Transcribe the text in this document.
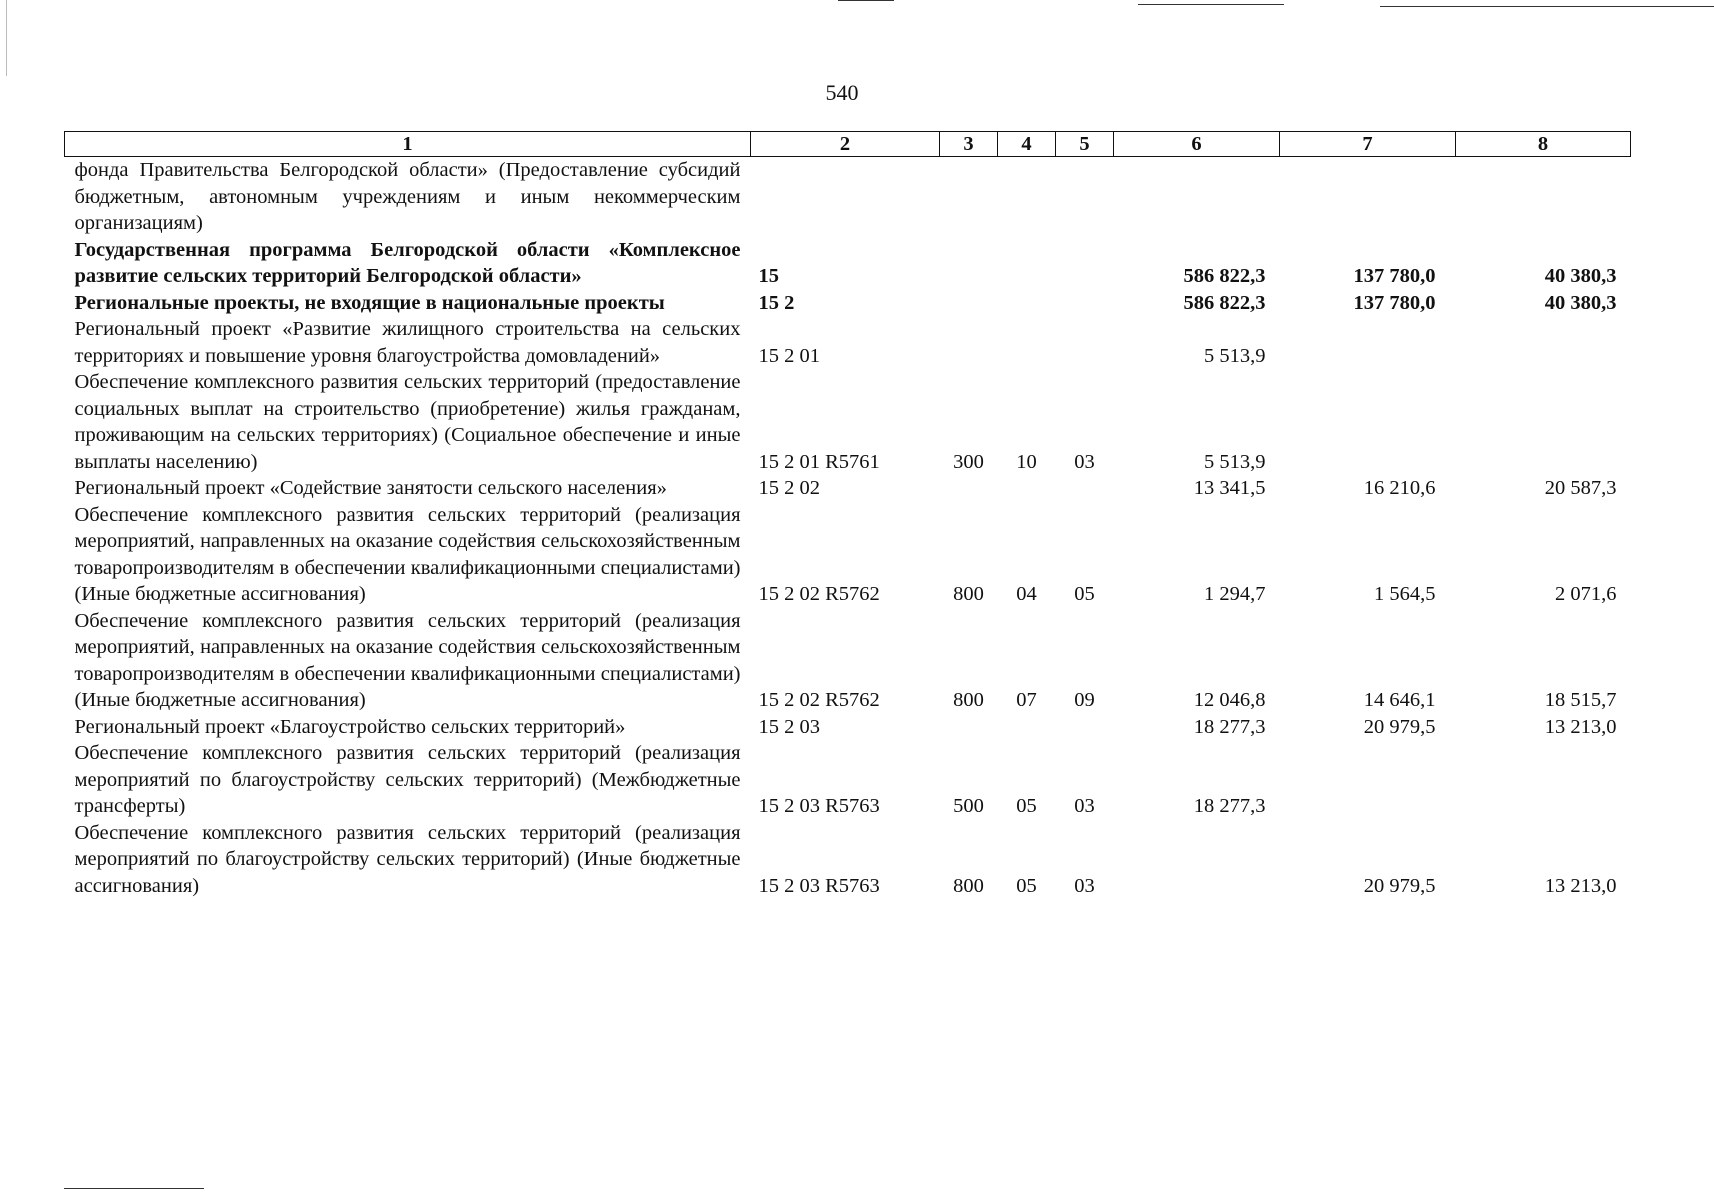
540
1	2	3	4	5	6	7	8
фонда Правительства Белгородской области» (Предоставление субсидий бюджетным, автономным учреждениям и иным некоммерческим организациям)							
Государственная программа Белгородской области «Комплексное развитие сельских территорий Белгородской области»	15				586 822,3	137 780,0	40 380,3
Региональные проекты, не входящие в национальные проекты	15 2				586 822,3	137 780,0	40 380,3
Региональный проект «Развитие жилищного строительства на сельских территориях и повышение уровня благоустройства домовладений»	15 2 01				5 513,9		
Обеспечение комплексного развития сельских территорий (предоставление социальных выплат на строительство (приобретение) жилья гражданам, проживающим на сельских территориях) (Социальное обеспечение и иные выплаты населению)	15 2 01 R5761	300	10	03	5 513,9		
Региональный проект «Содействие занятости сельского населения»	15 2 02				13 341,5	16 210,6	20 587,3
Обеспечение комплексного развития сельских территорий (реализация мероприятий, направленных на оказание содействия сельскохозяйственным товаропроизводителям в обеспечении квалификационными специалистами) (Иные бюджетные ассигнования)	15 2 02 R5762	800	04	05	1 294,7	1 564,5	2 071,6
Обеспечение комплексного развития сельских территорий (реализация мероприятий, направленных на оказание содействия сельскохозяйственным товаропроизводителям в обеспечении квалификационными специалистами) (Иные бюджетные ассигнования)	15 2 02 R5762	800	07	09	12 046,8	14 646,1	18 515,7
Региональный проект «Благоустройство сельских территорий»	15 2 03				18 277,3	20 979,5	13 213,0
Обеспечение комплексного развития сельских территорий (реализация мероприятий по благоустройству сельских территорий) (Межбюджетные трансферты)	15 2 03 R5763	500	05	03	18 277,3		
Обеспечение комплексного развития сельских территорий (реализация мероприятий по благоустройству сельских территорий) (Иные бюджетные ассигнования)	15 2 03 R5763	800	05	03		20 979,5	13 213,0
